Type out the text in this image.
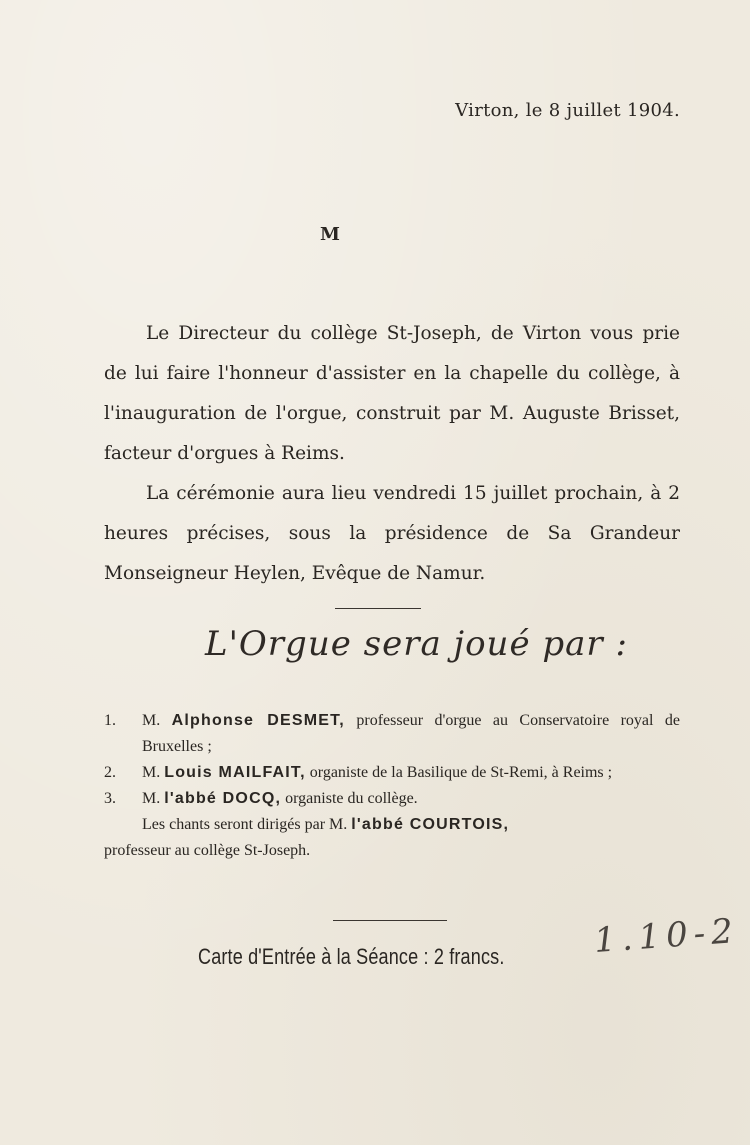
Virton, le 8 juillet 1904.
M
Le Directeur du collège St-Joseph, de Virton vous prie de lui faire l'honneur d'assister en la chapelle du collège, à l'inauguration de l'orgue, construit par M. Auguste Brisset, facteur d'orgues à Reims.
La cérémonie aura lieu vendredi 15 juillet prochain, à 2 heures précises, sous la présidence de Sa Grandeur Monseigneur Heylen, Evêque de Namur.
L'Orgue sera joué par :
1.	M. Alphonse DESMET, professeur d'orgue au Conservatoire royal de Bruxelles ;
2.	M. Louis MAILFAIT, organiste de la Basilique de St-Remi, à Reims ;
3.	M. l'abbé DOCQ, organiste du collège.
Les chants seront dirigés par M. l'abbé COURTOIS,
professeur au collège St-Joseph.
Carte d'Entrée à la Séance : 2 francs.	1.10-2
